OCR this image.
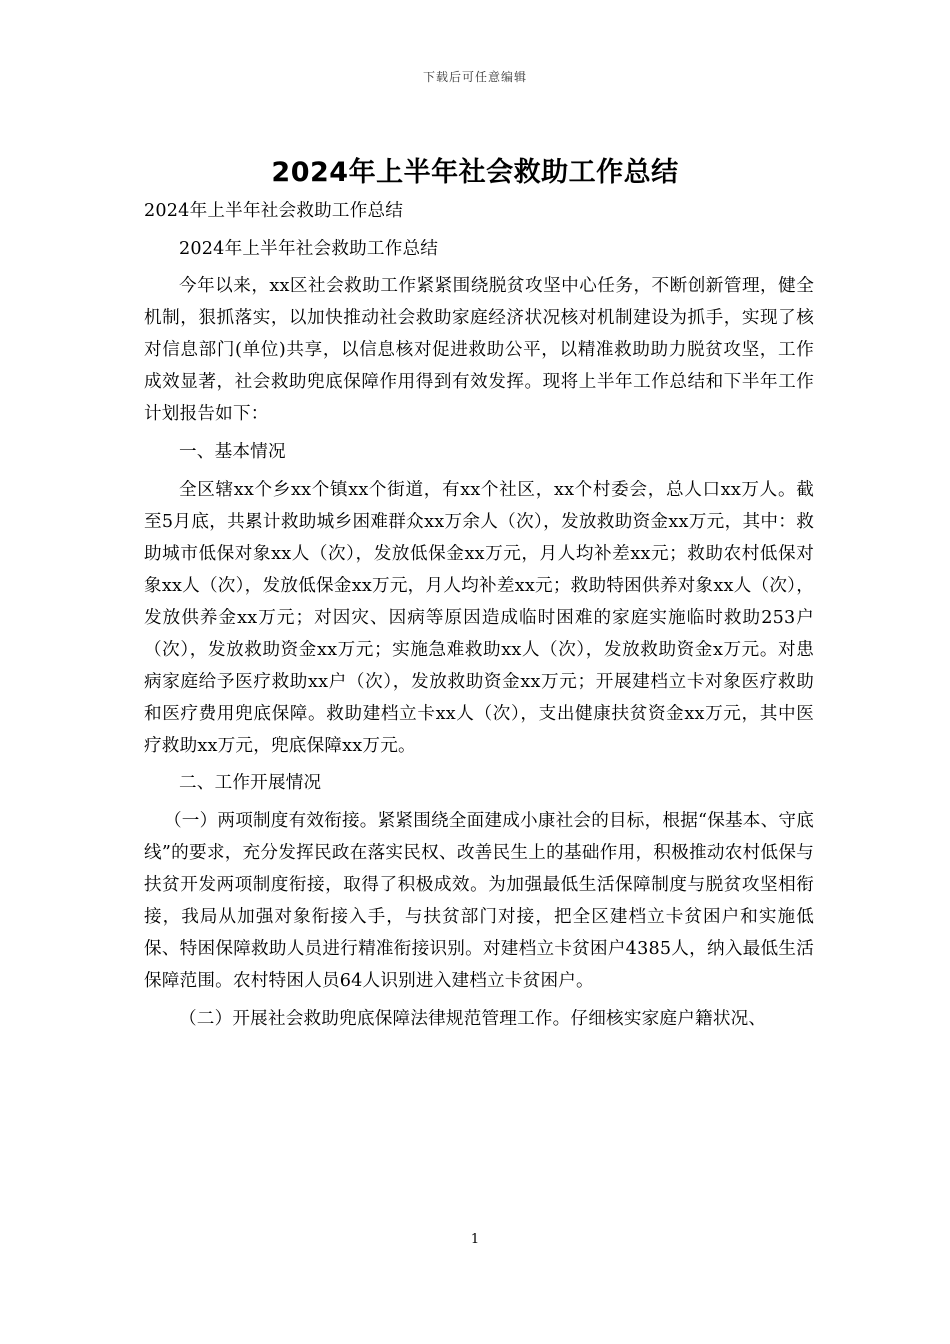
下载后可任意编辑
2024年上半年社会救助工作总结

2024年上半年社会救助工作总结

2024年上半年社会救助工作总结

今年以来，xx区社会救助工作紧紧围绕脱贫攻坚中心任务，不断创新管理，健全机制，狠抓落实，以加快推动社会救助家庭经济状况核对机制建设为抓手，实现了核对信息部门(单位)共享，以信息核对促进救助公平，以精准救助助力脱贫攻坚，工作成效显著，社会救助兜底保障作用得到有效发挥。现将上半年工作总结和下半年工作计划报告如下：

一、基本情况

全区辖xx个乡xx个镇xx个街道，有xx个社区，xx个村委会，总人口xx万人。截至5月底，共累计救助城乡困难群众xx万余人（次），发放救助资金xx万元，其中：救助城市低保对象xx人（次），发放低保金xx万元，月人均补差xx元；救助农村低保对象xx人（次），发放低保金xx万元，月人均补差xx元；救助特困供养对象xx人（次），发放供养金xx万元；对因灾、因病等原因造成临时困难的家庭实施临时救助253户（次），发放救助资金xx万元；实施急难救助xx人（次），发放救助资金x万元。对患病家庭给予医疗救助xx户（次），发放救助资金xx万元；开展建档立卡对象医疗救助和医疗费用兜底保障。救助建档立卡xx人（次），支出健康扶贫资金xx万元，其中医疗救助xx万元，兜底保障xx万元。

二、工作开展情况

（一）两项制度有效衔接。紧紧围绕全面建成小康社会的目标，根据“保基本、守底线”的要求，充分发挥民政在落实民权、改善民生上的基础作用，积极推动农村低保与扶贫开发两项制度衔接，取得了积极成效。为加强最低生活保障制度与脱贫攻坚相衔接，我局从加强对象衔接入手，与扶贫部门对接，把全区建档立卡贫困户和实施低保、特困保障救助人员进行精准衔接识别。对建档立卡贫困户4385人，纳入最低生活保障范围。农村特困人员64人识别进入建档立卡贫困户。

（二）开展社会救助兜底保障法律规范管理工作。仔细核实家庭户籍状况、

1
